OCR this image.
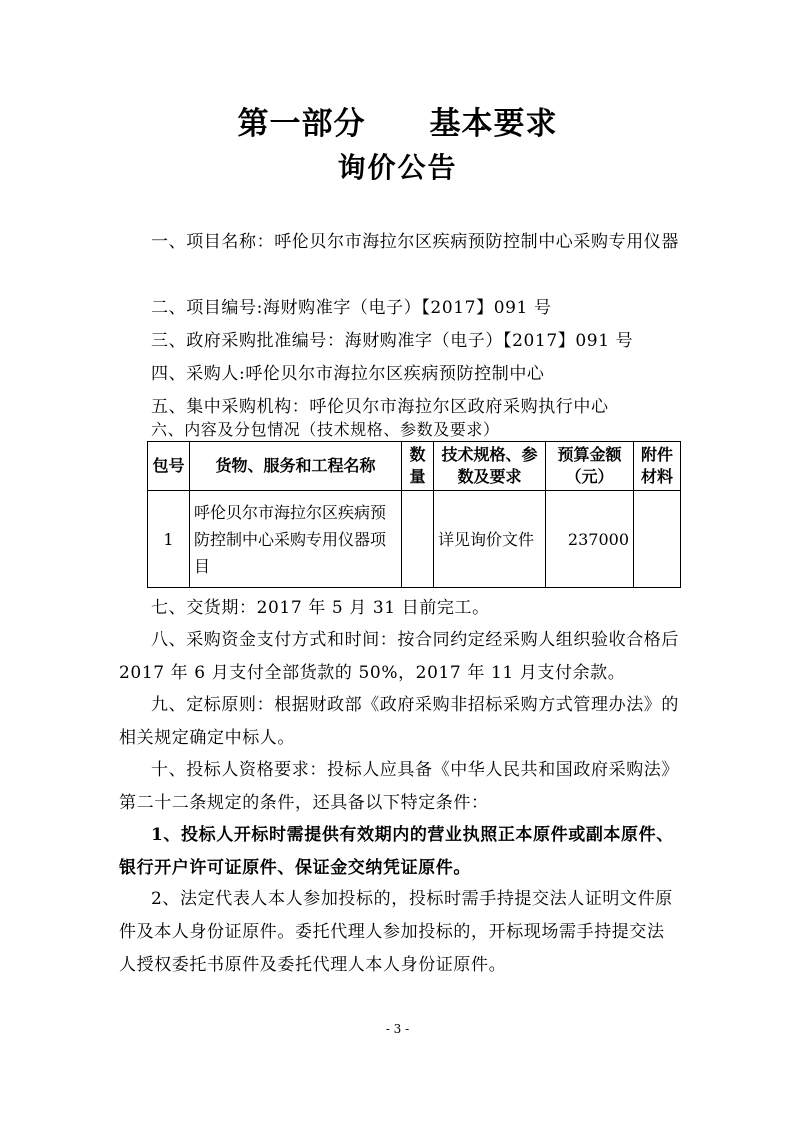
第一部分　　基本要求
询价公告

一、项目名称：呼伦贝尔市海拉尔区疾病预防控制中心采购专用仪器

二、项目编号:海财购准字（电子）【2017】091 号

三、政府采购批准编号：海财购准字（电子）【2017】091 号

四、采购人:呼伦贝尔市海拉尔区疾病预防控制中心

五、集中采购机构：呼伦贝尔市海拉尔区政府采购执行中心

六、内容及分包情况（技术规格、参数及要求）

包号	货物、服务和工程名称	数量	技术规格、参数及要求	预算金额（元）	附件材料
1	呼伦贝尔市海拉尔区疾病预防控制中心采购专用仪器项目		详见询价文件	237000	

七、交货期：2017 年 5 月 31 日前完工。

八、采购资金支付方式和时间：按合同约定经采购人组织验收合格后 2017 年 6 月支付全部货款的 50%，2017 年 11 月支付余款。

九、定标原则：根据财政部《政府采购非招标采购方式管理办法》的相关规定确定中标人。

十、投标人资格要求：投标人应具备《中华人民共和国政府采购法》第二十二条规定的条件，还具备以下特定条件：

1、投标人开标时需提供有效期内的营业执照正本原件或副本原件、银行开户许可证原件、保证金交纳凭证原件。

2、法定代表人本人参加投标的，投标时需手持提交法人证明文件原件及本人身份证原件。委托代理人参加投标的，开标现场需手持提交法人授权委托书原件及委托代理人本人身份证原件。

- 3 -
